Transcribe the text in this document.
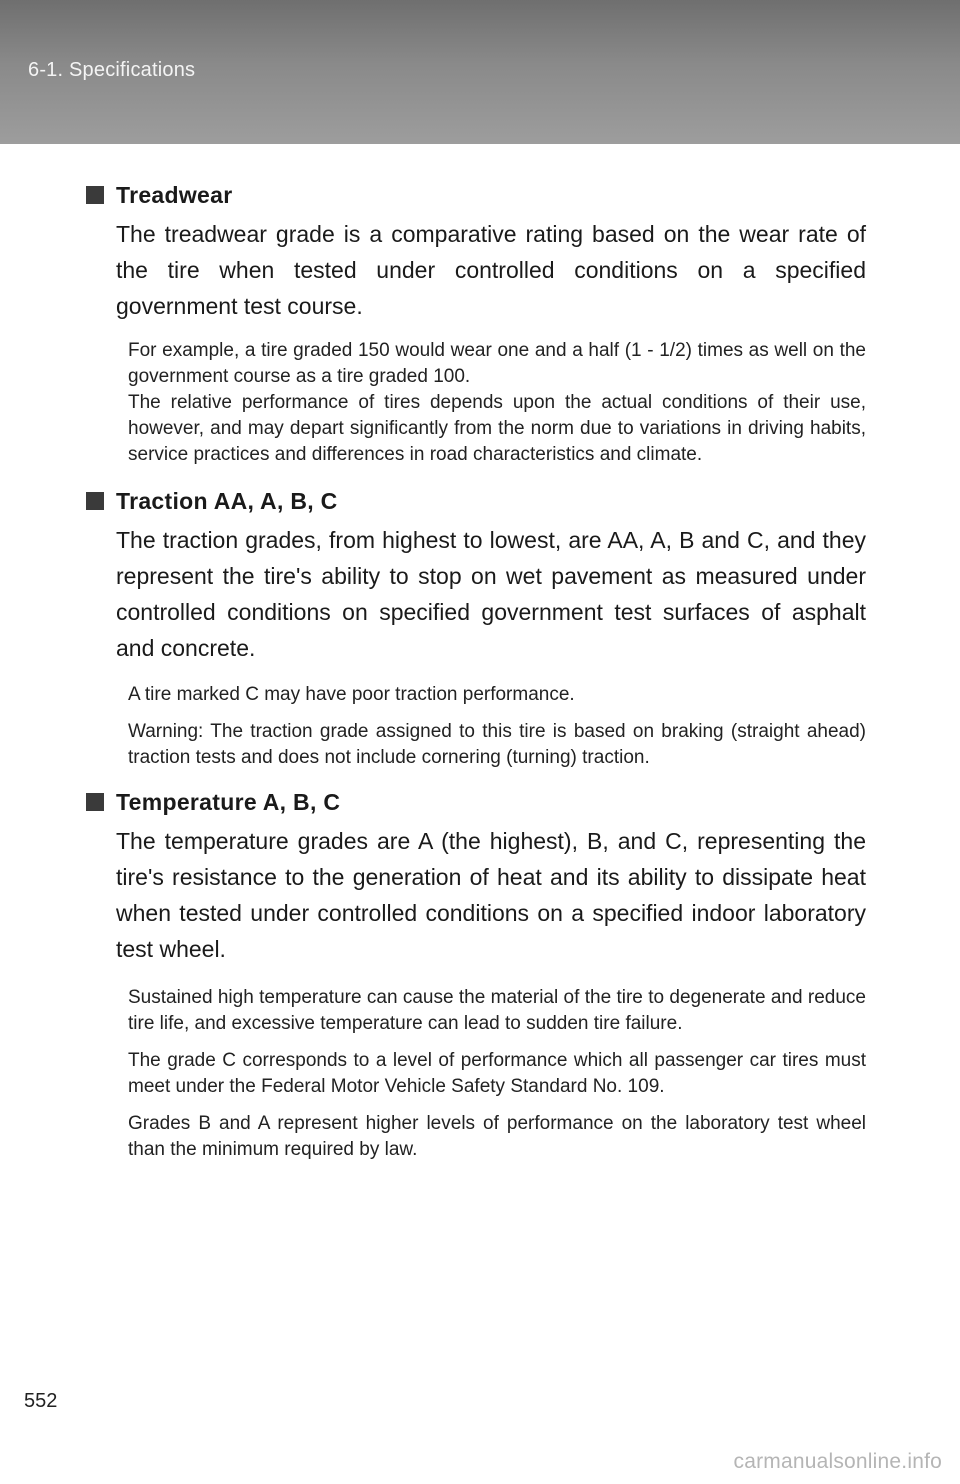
6-1. Specifications
Treadwear

The treadwear grade is a comparative rating based on the wear rate of the tire when tested under controlled conditions on a specified government test course.

For example, a tire graded 150 would wear one and a half (1 - 1/2) times as well on the government course as a tire graded 100.

The relative performance of tires depends upon the actual conditions of their use, however, and may depart significantly from the norm due to variations in driving habits, service practices and differences in road characteristics and climate.

Traction AA, A, B, C

The traction grades, from highest to lowest, are AA, A, B and C, and they represent the tire's ability to stop on wet pavement as measured under controlled conditions on specified government test surfaces of asphalt and concrete.

A tire marked C may have poor traction performance.

Warning: The traction grade assigned to this tire is based on braking (straight ahead) traction tests and does not include cornering (turning) traction.

Temperature A, B, C

The temperature grades are A (the highest), B, and C, representing the tire's resistance to the generation of heat and its ability to dissipate heat when tested under controlled conditions on a specified indoor laboratory test wheel.

Sustained high temperature can cause the material of the tire to degenerate and reduce tire life, and excessive temperature can lead to sudden tire failure.

The grade C corresponds to a level of performance which all passenger car tires must meet under the Federal Motor Vehicle Safety Standard No. 109.

Grades B and A represent higher levels of performance on the laboratory test wheel than the minimum required by law.

552
carmanualsonline.info
